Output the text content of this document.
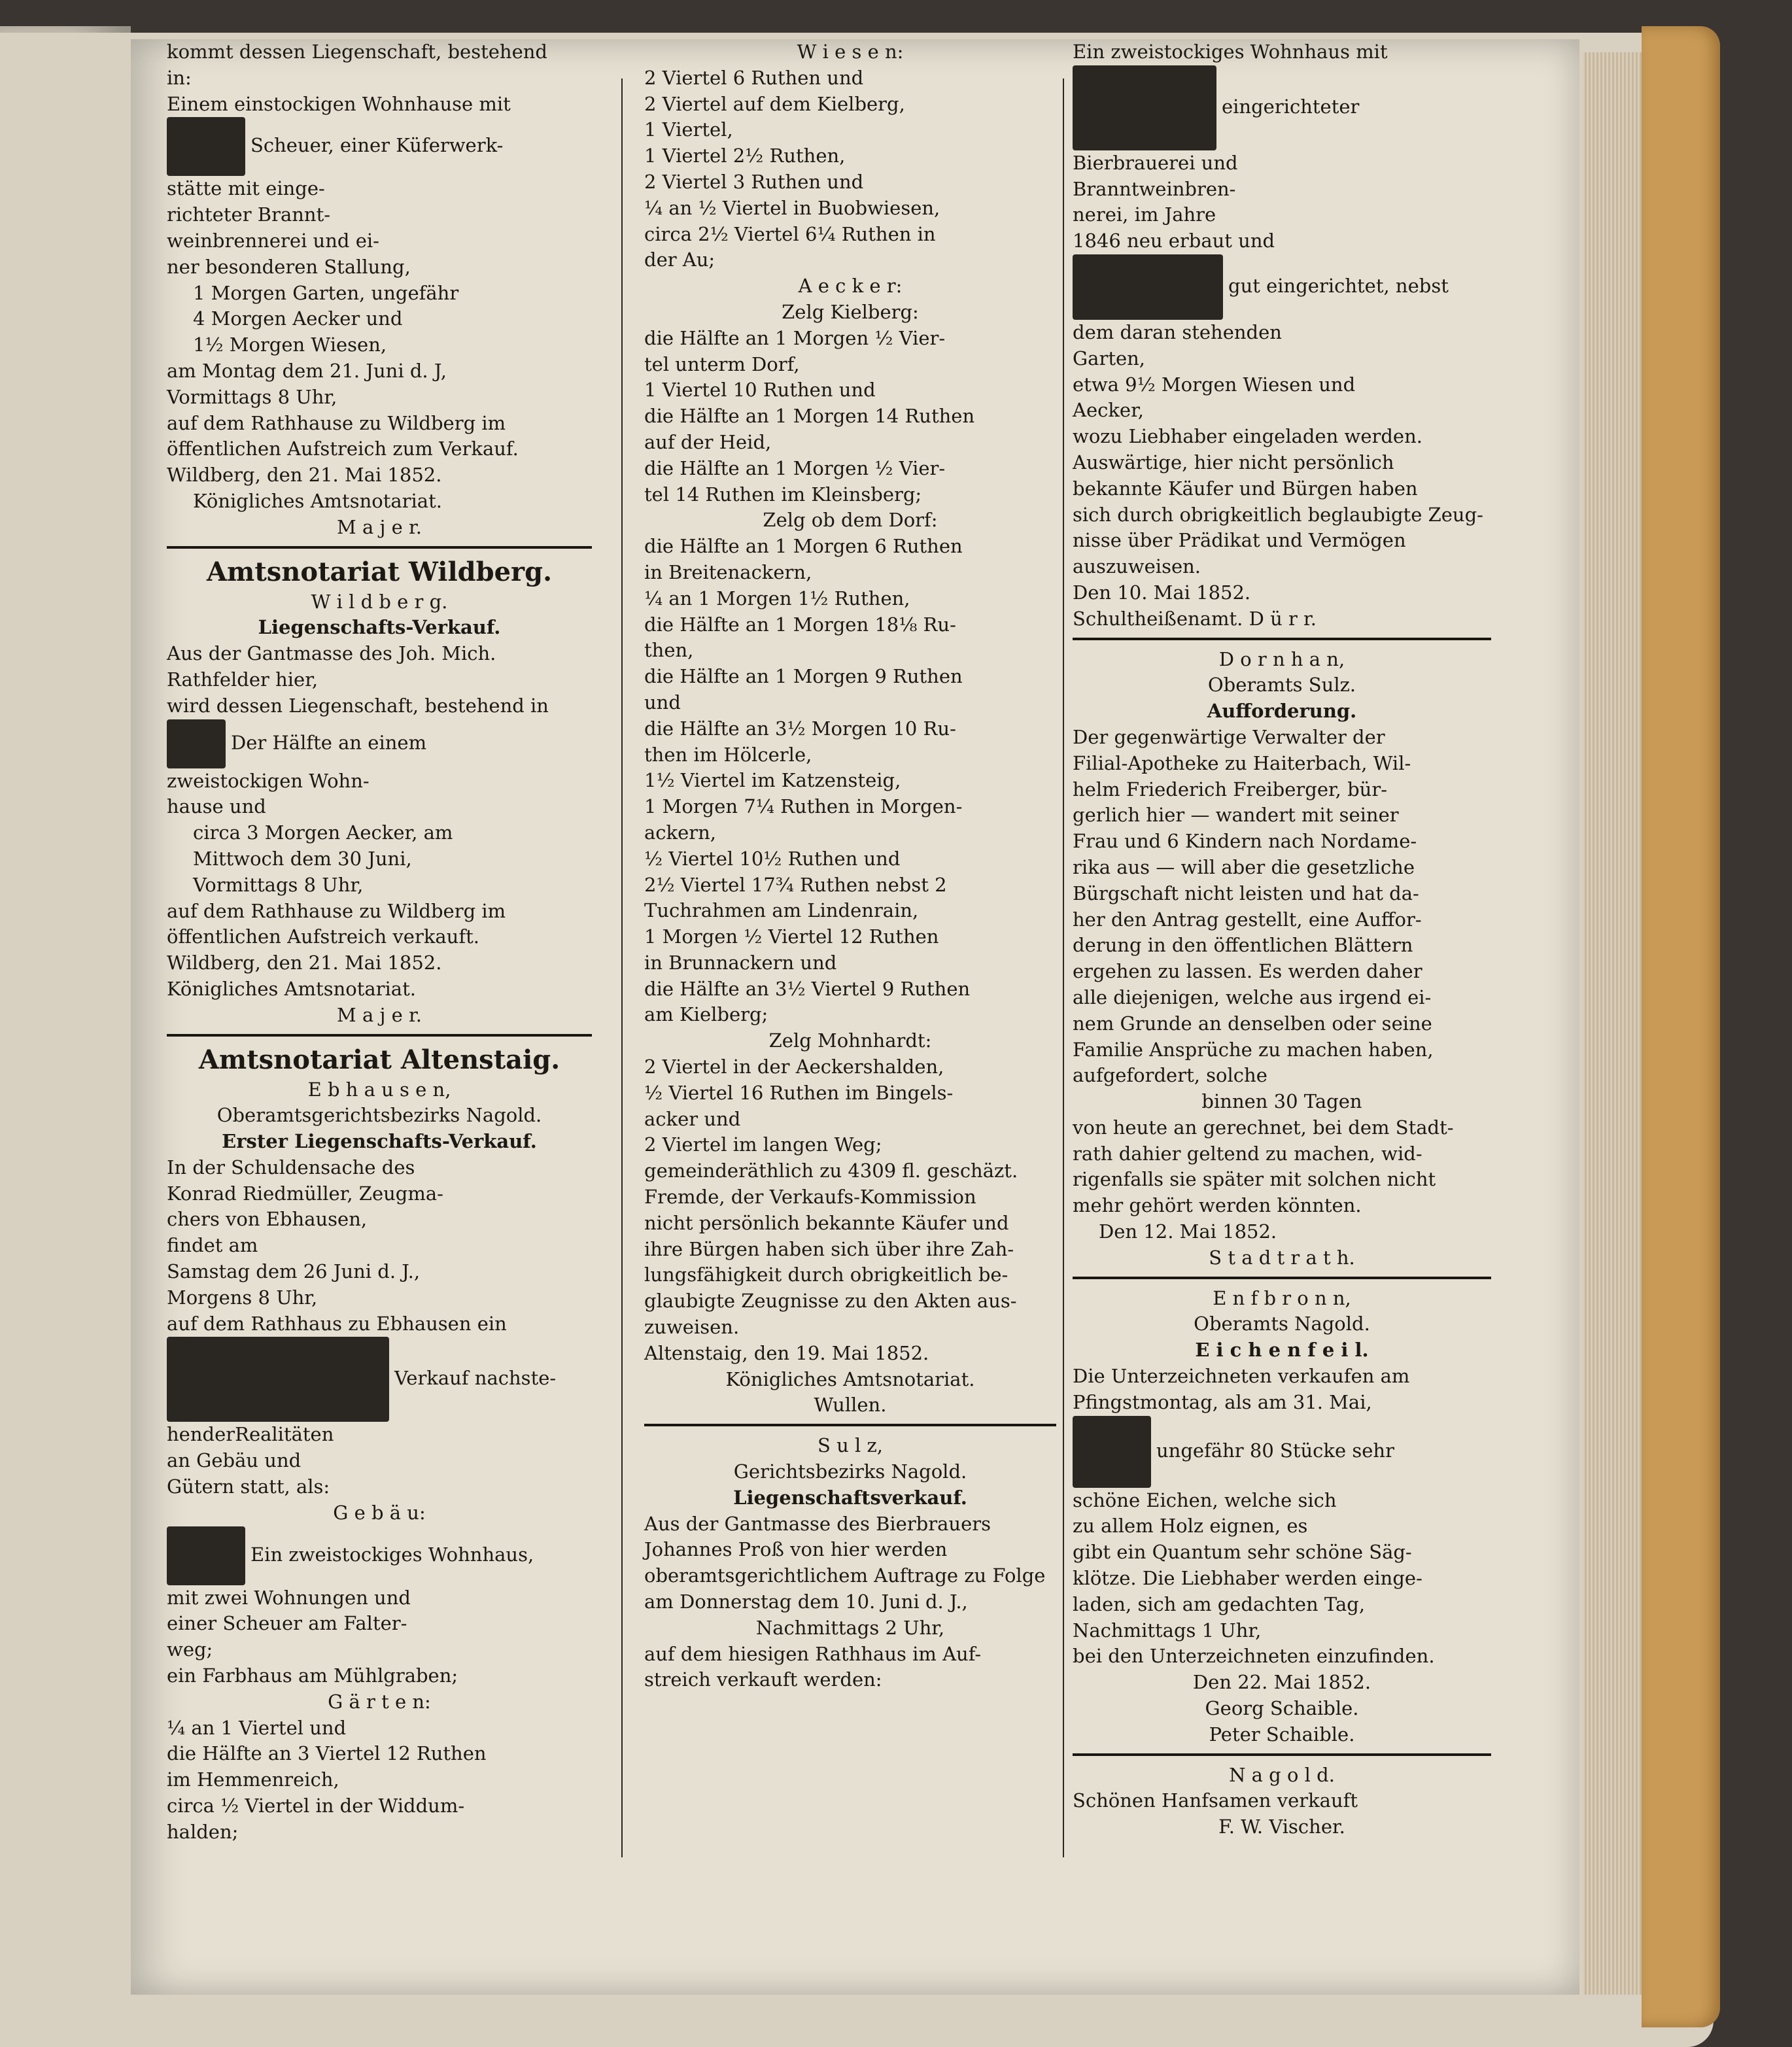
kommt dessen Liegenschaft, bestehend
in:
Einem einstockigen Wohnhause mit
Scheuer, einer Küferwerk-
stätte mit einge-
richteter Brannt-
weinbrennerei und ei-
ner besonderen Stallung,
1 Morgen Garten, ungefähr
4 Morgen Aecker und
1½ Morgen Wiesen,
am Montag dem 21. Juni d. J,
Vormittags 8 Uhr,
auf dem Rathhause zu Wildberg im
öffentlichen Aufstreich zum Verkauf.
Wildberg, den 21. Mai 1852.
Königliches Amtsnotariat.
M a j e r.
Amtsnotariat Wildberg.
W i l d b e r g.
Liegenschafts-Verkauf.
Aus der Gantmasse des Joh. Mich.
Rathfelder hier,
wird dessen Liegenschaft, bestehend in
Der Hälfte an einem
zweistockigen Wohn-
hause und
circa 3 Morgen Aecker, am
Mittwoch dem 30 Juni,
Vormittags 8 Uhr,
auf dem Rathhause zu Wildberg im
öffentlichen Aufstreich verkauft.
Wildberg, den 21. Mai 1852.
Königliches Amtsnotariat.
M a j e r.
Amtsnotariat Altenstaig.
E b h a u s e n,
Oberamtsgerichtsbezirks Nagold.
Erster Liegenschafts-Verkauf.
In der Schuldensache des
Konrad Riedmüller, Zeugma-
chers von Ebhausen,
findet am
Samstag dem 26 Juni d. J.,
Morgens 8 Uhr,
auf dem Rathhaus zu Ebhausen ein
Verkauf nachste-
henderRealitäten
an Gebäu und
Gütern statt, als:
G e b ä u:
Ein zweistockiges Wohnhaus,
mit zwei Wohnungen und
einer Scheuer am Falter-
weg;
ein Farbhaus am Mühlgraben;
G ä r t e n:
¼ an 1 Viertel und
die Hälfte an 3 Viertel 12 Ruthen
im Hemmenreich,
circa ½ Viertel in der Widdum-
halden;
W i e s e n:
2 Viertel 6 Ruthen und
2 Viertel auf dem Kielberg,
1 Viertel,
1 Viertel 2½ Ruthen,
2 Viertel 3 Ruthen und
¼ an ½ Viertel in Buobwiesen,
circa 2½ Viertel 6¼ Ruthen in
der Au;
A e c k e r:
Zelg Kielberg:
die Hälfte an 1 Morgen ½ Vier-
tel unterm Dorf,
1 Viertel 10 Ruthen und
die Hälfte an 1 Morgen 14 Ruthen
auf der Heid,
die Hälfte an 1 Morgen ½ Vier-
tel 14 Ruthen im Kleinsberg;
Zelg ob dem Dorf:
die Hälfte an 1 Morgen 6 Ruthen
in Breitenackern,
¼ an 1 Morgen 1½ Ruthen,
die Hälfte an 1 Morgen 18⅛ Ru-
then,
die Hälfte an 1 Morgen 9 Ruthen
und
die Hälfte an 3½ Morgen 10 Ru-
then im Hölcerle,
1½ Viertel im Katzensteig,
1 Morgen 7¼ Ruthen in Morgen-
ackern,
½ Viertel 10½ Ruthen und
2½ Viertel 17¾ Ruthen nebst 2
Tuchrahmen am Lindenrain,
1 Morgen ½ Viertel 12 Ruthen
in Brunnackern und
die Hälfte an 3½ Viertel 9 Ruthen
am Kielberg;
Zelg Mohnhardt:
2 Viertel in der Aeckershalden,
½ Viertel 16 Ruthen im Bingels-
acker und
2 Viertel im langen Weg;
gemeinderäthlich zu 4309 fl. geschäzt.
Fremde, der Verkaufs-Kommission
nicht persönlich bekannte Käufer und
ihre Bürgen haben sich über ihre Zah-
lungsfähigkeit durch obrigkeitlich be-
glaubigte Zeugnisse zu den Akten aus-
zuweisen.
Altenstaig, den 19. Mai 1852.
Königliches Amtsnotariat.
Wullen.
S u l z,
Gerichtsbezirks Nagold.
Liegenschaftsverkauf.
Aus der Gantmasse des Bierbrauers
Johannes Proß von hier werden
oberamtsgerichtlichem Auftrage zu Folge
am Donnerstag dem 10. Juni d. J.,
Nachmittags 2 Uhr,
auf dem hiesigen Rathhaus im Auf-
streich verkauft werden:
Ein zweistockiges Wohnhaus mit
eingerichteter
Bierbrauerei und
Branntweinbren-
nerei, im Jahre
1846 neu erbaut und
gut eingerichtet, nebst
dem daran stehenden
Garten,
etwa 9½ Morgen Wiesen und
Aecker,
wozu Liebhaber eingeladen werden.
Auswärtige, hier nicht persönlich
bekannte Käufer und Bürgen haben
sich durch obrigkeitlich beglaubigte Zeug-
nisse über Prädikat und Vermögen
auszuweisen.
Den 10. Mai 1852.
Schultheißenamt. D ü r r.
D o r n h a n,
Oberamts Sulz.
Aufforderung.
Der gegenwärtige Verwalter der
Filial-Apotheke zu Haiterbach, Wil-
helm Friederich Freiberger, bür-
gerlich hier — wandert mit seiner
Frau und 6 Kindern nach Nordame-
rika aus — will aber die gesetzliche
Bürgschaft nicht leisten und hat da-
her den Antrag gestellt, eine Auffor-
derung in den öffentlichen Blättern
ergehen zu lassen. Es werden daher
alle diejenigen, welche aus irgend ei-
nem Grunde an denselben oder seine
Familie Ansprüche zu machen haben,
aufgefordert, solche
binnen 30 Tagen
von heute an gerechnet, bei dem Stadt-
rath dahier geltend zu machen, wid-
rigenfalls sie später mit solchen nicht
mehr gehört werden könnten.
Den 12. Mai 1852.
S t a d t r a t h.
E n f b r o n n,
Oberamts Nagold.
E i c h e n f e i l.
Die Unterzeichneten verkaufen am
Pfingstmontag, als am 31. Mai,
ungefähr 80 Stücke sehr
schöne Eichen, welche sich
zu allem Holz eignen, es
gibt ein Quantum sehr schöne Säg-
klötze. Die Liebhaber werden einge-
laden, sich am gedachten Tag,
Nachmittags 1 Uhr,
bei den Unterzeichneten einzufinden.
Den 22. Mai 1852.
Georg Schaible.
Peter Schaible.
N a g o l d.
Schönen Hanfsamen verkauft
F. W. Vischer.
